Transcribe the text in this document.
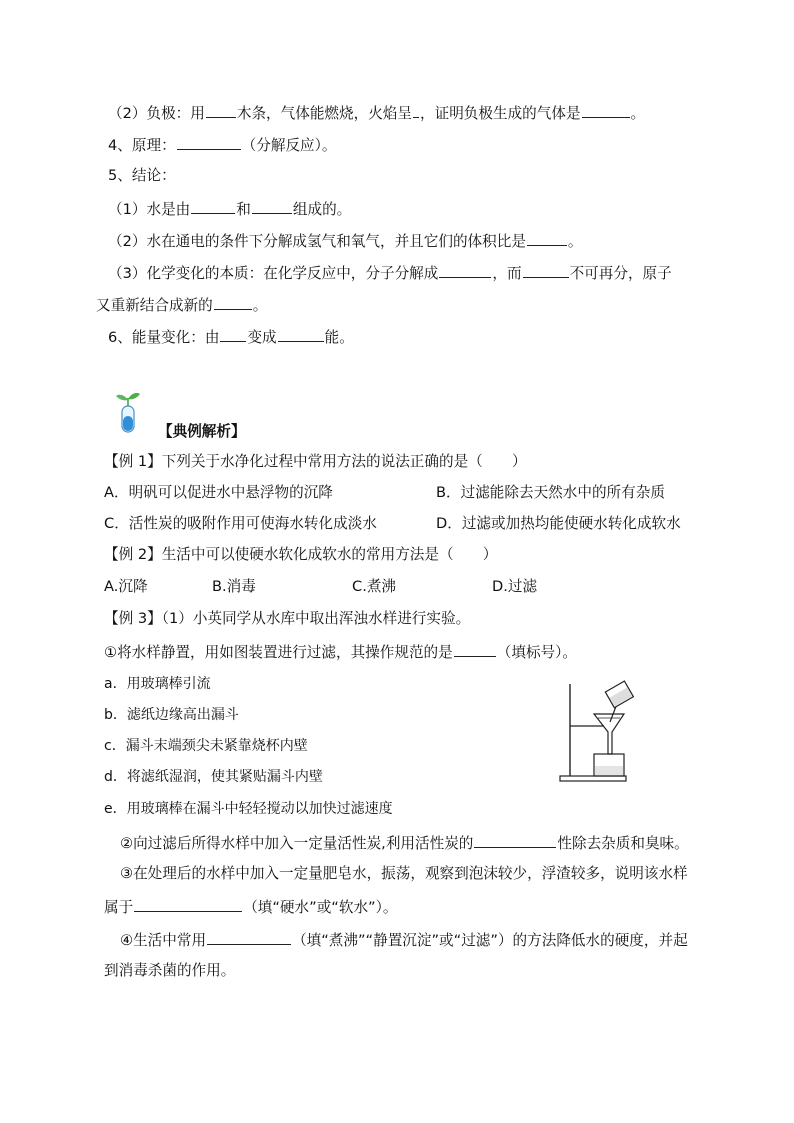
（2）负极：用 木条，气体能燃烧，火焰呈 ，证明负极生成的气体是	。
4、原理：	（分解反应）。
5、结论：
（1）水是由	和	组成的。
（2）水在通电的条件下分解成氢气和氧气，并且它们的体积比是	。
（3）化学变化的本质：在化学反应中，分子分解成	，而	不可再分，原子
又重新结合成新的	。
6、能量变化：由 变成	能。
【典例解析】
【例 1】下列关于水净化过程中常用方法的说法正确的是（　　）
A．明矾可以促进水中悬浮物的沉降	B．过滤能除去天然水中的所有杂质
C．活性炭的吸附作用可使海水转化成淡水	D．过滤或加热均能使硬水转化成软水
【例 2】生活中可以使硬水软化成软水的常用方法是（　　）
A.沉降	B.消毒	C.煮沸	D.过滤
【例 3】（1）小英同学从水库中取出浑浊水样进行实验。
①将水样静置，用如图装置进行过滤，其操作规范的是	（填标号）。
a．用玻璃棒引流
b．滤纸边缘高出漏斗
c．漏斗末端颈尖未紧靠烧杯内壁
d．将滤纸湿润，使其紧贴漏斗内壁
e．用玻璃棒在漏斗中轻轻搅动以加快过滤速度
②向过滤后所得水样中加入一定量活性炭,利用活性炭的	性除去杂质和臭味。
③在处理后的水样中加入一定量肥皂水，振荡，观察到泡沫较少，浮渣较多，说明该水样
属于	（填“硬水”或“软水”）。
④生活中常用	（填“煮沸”“静置沉淀”或“过滤”）的方法降低水的硬度，并起
到消毒杀菌的作用。
